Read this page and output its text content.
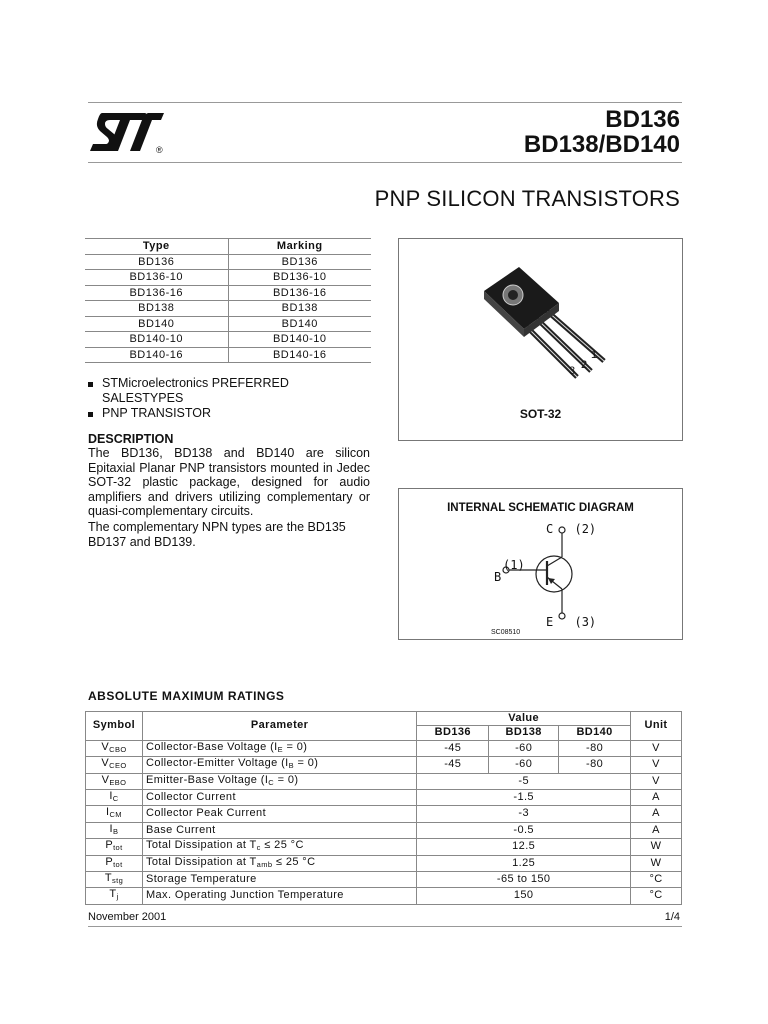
®
BD136
BD138/BD140
PNP SILICON TRANSISTORS
Type	Marking
BD136	BD136
BD136-10	BD136-10
BD136-16	BD136-16
BD138	BD138
BD140	BD140
BD140-10	BD140-10
BD140-16	BD140-16
3 2
1
SOT-32
STMicroelectronics PREFERRED SALESTYPES
PNP TRANSISTOR
DESCRIPTION

The BD136, BD138 and BD140 are silicon Epitaxial Planar PNP transistors mounted in Jedec SOT-32 plastic package, designed for audio amplifiers and drivers utilizing complementary or quasi-complementary circuits.

The complementary NPN types are the BD135 BD137 and BD139.

INTERNAL SCHEMATIC DIAGRAM
C (2)
(1)
B
E (3)
SC08510
ABSOLUTE MAXIMUM RATINGS
Symbol	Parameter	Value			Unit
		BD136	BD138	BD140	
$V_{CBO}$	Collector-Base Voltage $(I_E = 0)$	-45	-60	-80	V
$V_{CEO}$	Collector-Emitter Voltage $(I_B = 0)$	-45	-60	-80	V
$V_{EBO}$	Emitter-Base Voltage $(I_C = 0)$	-5			V
$I_C$	Collector Current	-1.5			A
$I_{CM}$	Collector Peak Current	-3			A
$I_B$	Base Current	-0.5			A
$P_{tot}$	Total Dissipation at $T_c \le 25$ °C	12.5			W
$P_{tot}$	Total Dissipation at $T_{amb} \le 25$ °C	1.25			W
$T_{stg}$	Storage Temperature	-65 to 150			°C
$T_j$	Max. Operating Junction Temperature	150			°C
November 2001	1/4
